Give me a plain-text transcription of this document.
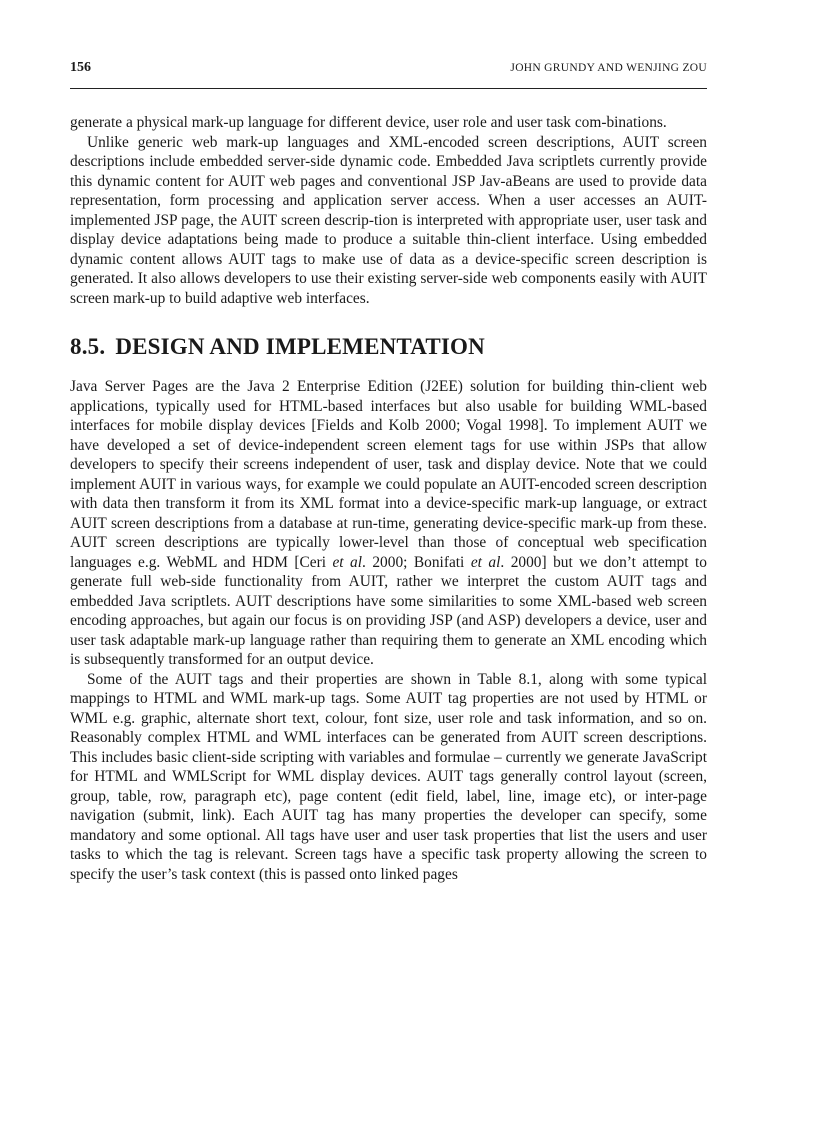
156	JOHN GRUNDY AND WENJING ZOU

generate a physical mark-up language for different device, user role and user task com-binations.

Unlike generic web mark-up languages and XML-encoded screen descriptions, AUIT screen descriptions include embedded server-side dynamic code. Embedded Java scriptlets currently provide this dynamic content for AUIT web pages and conventional JSP Jav-aBeans are used to provide data representation, form processing and application server access. When a user accesses an AUIT-implemented JSP page, the AUIT screen descrip-tion is interpreted with appropriate user, user task and display device adaptations being made to produce a suitable thin-client interface. Using embedded dynamic content allows AUIT tags to make use of data as a device-specific screen description is generated. It also allows developers to use their existing server-side web components easily with AUIT screen mark-up to build adaptive web interfaces.

8.5. DESIGN AND IMPLEMENTATION

Java Server Pages are the Java 2 Enterprise Edition (J2EE) solution for building thin-client web applications, typically used for HTML-based interfaces but also usable for building WML-based interfaces for mobile display devices [Fields and Kolb 2000; Vogal 1998]. To implement AUIT we have developed a set of device-independent screen element tags for use within JSPs that allow developers to specify their screens independent of user, task and display device. Note that we could implement AUIT in various ways, for example we could populate an AUIT-encoded screen description with data then transform it from its XML format into a device-specific mark-up language, or extract AUIT screen descriptions from a database at run-time, generating device-specific mark-up from these. AUIT screen descriptions are typically lower-level than those of conceptual web specification languages e.g. WebML and HDM [Ceri et al. 2000; Bonifati et al. 2000] but we don’t attempt to generate full web-side functionality from AUIT, rather we interpret the custom AUIT tags and embedded Java scriptlets. AUIT descriptions have some similarities to some XML-based web screen encoding approaches, but again our focus is on providing JSP (and ASP) developers a device, user and user task adaptable mark-up language rather than requiring them to generate an XML encoding which is subsequently transformed for an output device.

Some of the AUIT tags and their properties are shown in Table 8.1, along with some typical mappings to HTML and WML mark-up tags. Some AUIT tag properties are not used by HTML or WML e.g. graphic, alternate short text, colour, font size, user role and task information, and so on. Reasonably complex HTML and WML interfaces can be generated from AUIT screen descriptions. This includes basic client-side scripting with variables and formulae – currently we generate JavaScript for HTML and WMLScript for WML display devices. AUIT tags generally control layout (screen, group, table, row, paragraph etc), page content (edit field, label, line, image etc), or inter-page navigation (submit, link). Each AUIT tag has many properties the developer can specify, some mandatory and some optional. All tags have user and user task properties that list the users and user tasks to which the tag is relevant. Screen tags have a specific task property allowing the screen to specify the user’s task context (this is passed onto linked pages
